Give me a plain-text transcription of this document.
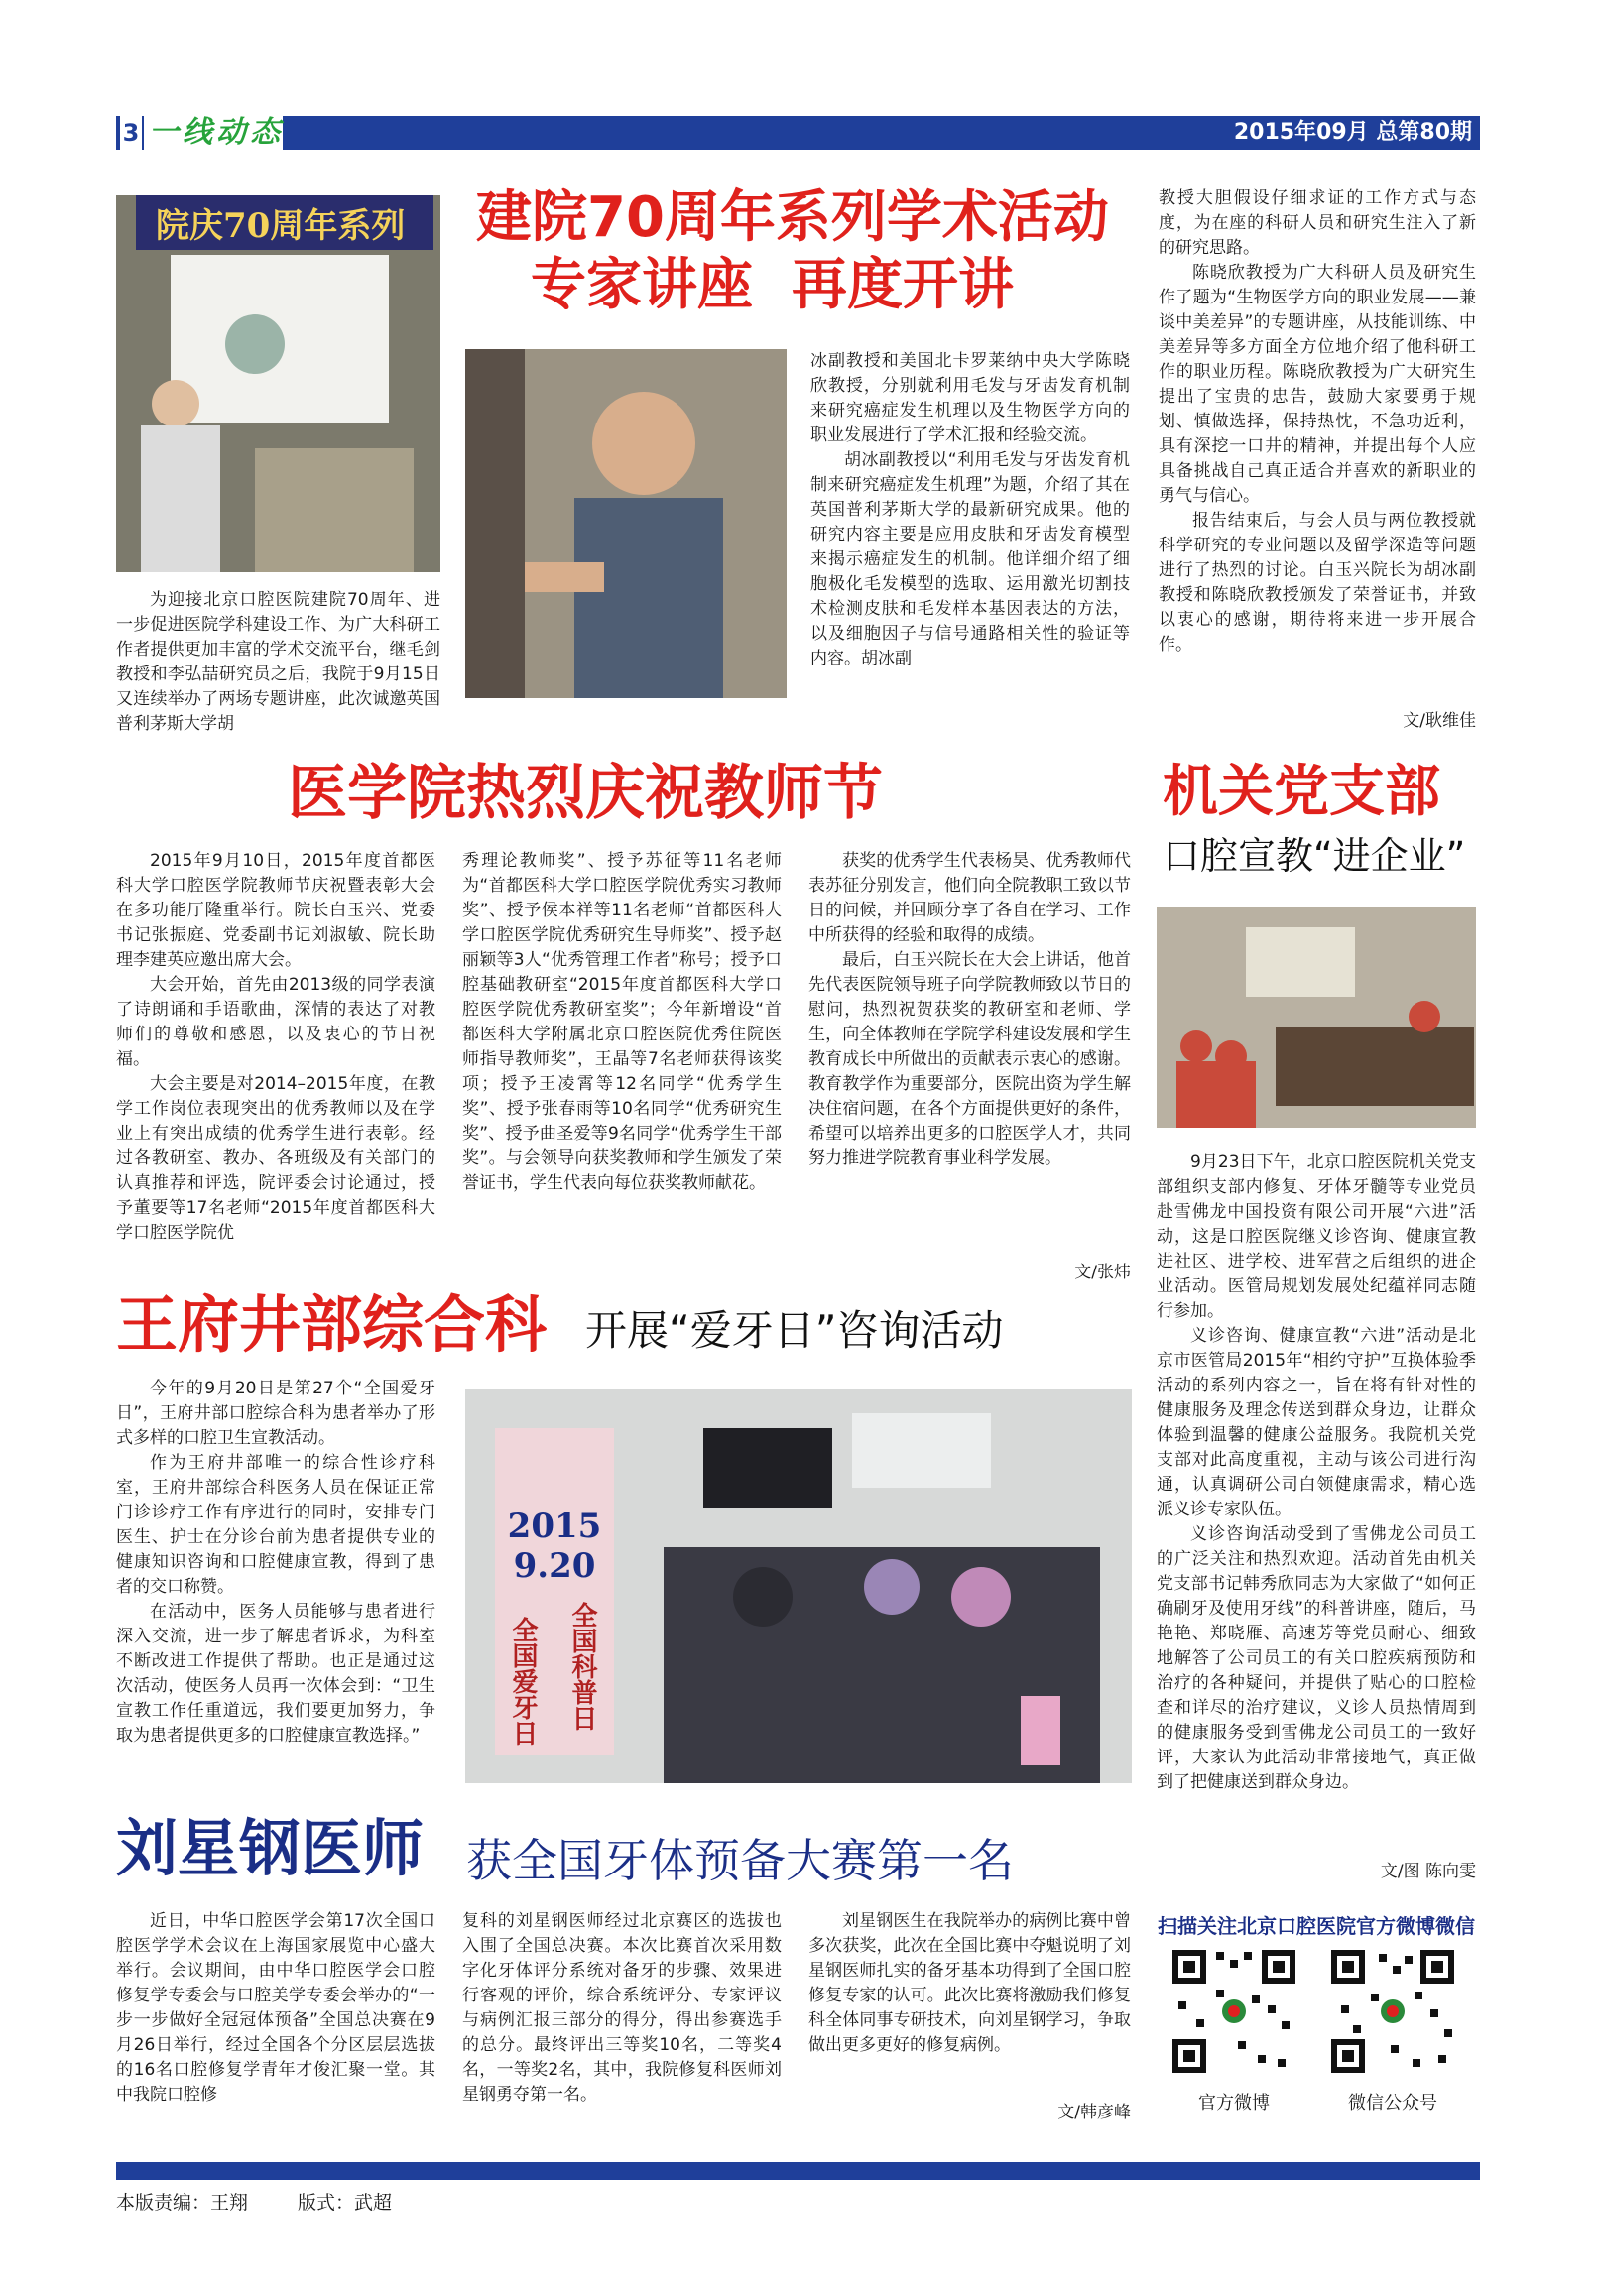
3 一线动态	2015年09月 总第80期
院庆70周年系列 建院70周年系列学术活动
专家讲座  再度开讲

为迎接北京口腔医院建院70周年、进一步促进医院学科建设工作、为广大科研工作者提供更加丰富的学术交流平台，继毛剑教授和李弘喆研究员之后，我院于9月15日又连续举办了两场专题讲座，此次诚邀英国普利茅斯大学胡

冰副教授和美国北卡罗莱纳中央大学陈晓欣教授，分别就利用毛发与牙齿发育机制来研究癌症发生机理以及生物医学方向的职业发展进行了学术汇报和经验交流。

胡冰副教授以“利用毛发与牙齿发育机制来研究癌症发生机理”为题，介绍了其在英国普利茅斯大学的最新研究成果。他的研究内容主要是应用皮肤和牙齿发育模型来揭示癌症发生的机制。他详细介绍了细胞极化毛发模型的选取、运用激光切割技术检测皮肤和毛发样本基因表达的方法，以及细胞因子与信号通路相关性的验证等内容。胡冰副

教授大胆假设仔细求证的工作方式与态度，为在座的科研人员和研究生注入了新的研究思路。

陈晓欣教授为广大科研人员及研究生作了题为“生物医学方向的职业发展——兼谈中美差异”的专题讲座，从技能训练、中美差异等多方面全方位地介绍了他科研工作的职业历程。陈晓欣教授为广大研究生提出了宝贵的忠告，鼓励大家要勇于规划、慎做选择，保持热忱，不急功近利，具有深挖一口井的精神，并提出每个人应具备挑战自己真正适合并喜欢的新职业的勇气与信心。

报告结束后，与会人员与两位教授就科学研究的专业问题以及留学深造等问题进行了热烈的讨论。白玉兴院长为胡冰副教授和陈晓欣教授颁发了荣誉证书，并致以衷心的感谢，期待将来进一步开展合作。

文/耿维佳
医学院热烈庆祝教师节

2015年9月10日，2015年度首都医科大学口腔医学院教师节庆祝暨表彰大会在多功能厅隆重举行。院长白玉兴、党委书记张振庭、党委副书记刘淑敏、院长助理李建英应邀出席大会。

大会开始，首先由2013级的同学表演了诗朗诵和手语歌曲，深情的表达了对教师们的尊敬和感恩，以及衷心的节日祝福。

大会主要是对2014–2015年度，在教学工作岗位表现突出的优秀教师以及在学业上有突出成绩的优秀学生进行表彰。经过各教研室、教办、各班级及有关部门的认真推荐和评选，院评委会讨论通过，授予董要等17名老师“2015年度首都医科大学口腔医学院优

秀理论教师奖”、授予苏征等11名老师为“首都医科大学口腔医学院优秀实习教师奖”、授予侯本祥等11名老师“首都医科大学口腔医学院优秀研究生导师奖”、授予赵丽颖等3人“优秀管理工作者”称号；授予口腔基础教研室“2015年度首都医科大学口腔医学院优秀教研室奖”；今年新增设“首都医科大学附属北京口腔医院优秀住院医师指导教师奖”，王晶等7名老师获得该奖项；授予王凌霄等12名同学“优秀学生奖”、授予张春雨等10名同学“优秀研究生奖”、授予曲圣爱等9名同学“优秀学生干部奖”。与会领导向获奖教师和学生颁发了荣誉证书，学生代表向每位获奖教师献花。

获奖的优秀学生代表杨昊、优秀教师代表苏征分别发言，他们向全院教职工致以节日的问候，并回顾分享了各自在学习、工作中所获得的经验和取得的成绩。

最后，白玉兴院长在大会上讲话，他首先代表医院领导班子向学院教师致以节日的慰问，热烈祝贺获奖的教研室和老师、学生，向全体教师在学院学科建设发展和学生教育成长中所做出的贡献表示衷心的感谢。教育教学作为重要部分，医院出资为学生解决住宿问题，在各个方面提供更好的条件，希望可以培养出更多的口腔医学人才，共同努力推进学院教育事业科学发展。

文/张炜
机关党支部
口腔宣教“进企业”

9月23日下午，北京口腔医院机关党支部组织支部内修复、牙体牙髓等专业党员赴雪佛龙中国投资有限公司开展“六进”活动，这是口腔医院继义诊咨询、健康宣教进社区、进学校、进军营之后组织的进企业活动。医管局规划发展处纪蕴祥同志随行参加。

义诊咨询、健康宣教“六进”活动是北京市医管局2015年“相约守护”互换体验季活动的系列内容之一，旨在将有针对性的健康服务及理念传送到群众身边，让群众体验到温馨的健康公益服务。我院机关党支部对此高度重视，主动与该公司进行沟通，认真调研公司白领健康需求，精心选派义诊专家队伍。

义诊咨询活动受到了雪佛龙公司员工的广泛关注和热烈欢迎。活动首先由机关党支部书记韩秀欣同志为大家做了“如何正确刷牙及使用牙线”的科普讲座，随后，马艳艳、郑晓雁、高速芳等党员耐心、细致地解答了公司员工的有关口腔疾病预防和治疗的各种疑问，并提供了贴心的口腔检查和详尽的治疗建议，义诊人员热情周到的健康服务受到雪佛龙公司员工的一致好评，大家认为此活动非常接地气，真正做到了把健康送到群众身边。

文/图 陈向雯
王府井部综合科 开展“爱牙日”咨询活动

今年的9月20日是第27个“全国爱牙日”，王府井部口腔综合科为患者举办了形式多样的口腔卫生宣教活动。

作为王府井部唯一的综合性诊疗科室，王府井部综合科医务人员在保证正常门诊诊疗工作有序进行的同时，安排专门医生、护士在分诊台前为患者提供专业的健康知识咨询和口腔健康宣教，得到了患者的交口称赞。

在活动中，医务人员能够与患者进行深入交流，进一步了解患者诉求，为科室不断改进工作提供了帮助。也正是通过这次活动，使医务人员再一次体会到：“卫生宣教工作任重道远，我们要更加努力，争取为患者提供更多的口腔健康宣教选择。”

2015
9.20
全国爱牙日 全国科普日
刘星钢医师 获全国牙体预备大赛第一名

近日，中华口腔医学会第17次全国口腔医学学术会议在上海国家展览中心盛大举行。会议期间，由中华口腔医学会口腔修复学专委会与口腔美学专委会举办的“一步一步做好全冠冠体预备”全国总决赛在9月26日举行，经过全国各个分区层层选拔的16名口腔修复学青年才俊汇聚一堂。其中我院口腔修

复科的刘星钢医师经过北京赛区的选拔也入围了全国总决赛。本次比赛首次采用数字化牙体评分系统对备牙的步骤、效果进行客观的评价，综合系统评分、专家评议与病例汇报三部分的得分，得出参赛选手的总分。最终评出三等奖10名，二等奖4名，一等奖2名，其中，我院修复科医师刘星钢勇夺第一名。

刘星钢医生在我院举办的病例比赛中曾多次获奖，此次在全国比赛中夺魁说明了刘星钢医师扎实的备牙基本功得到了全国口腔修复专家的认可。此次比赛将激励我们修复科全体同事专研技术，向刘星钢学习，争取做出更多更好的修复病例。

文/韩彦峰
扫描关注北京口腔医院官方微博微信
官方微博	微信公众号
本版责编：王翔	版式：武超
